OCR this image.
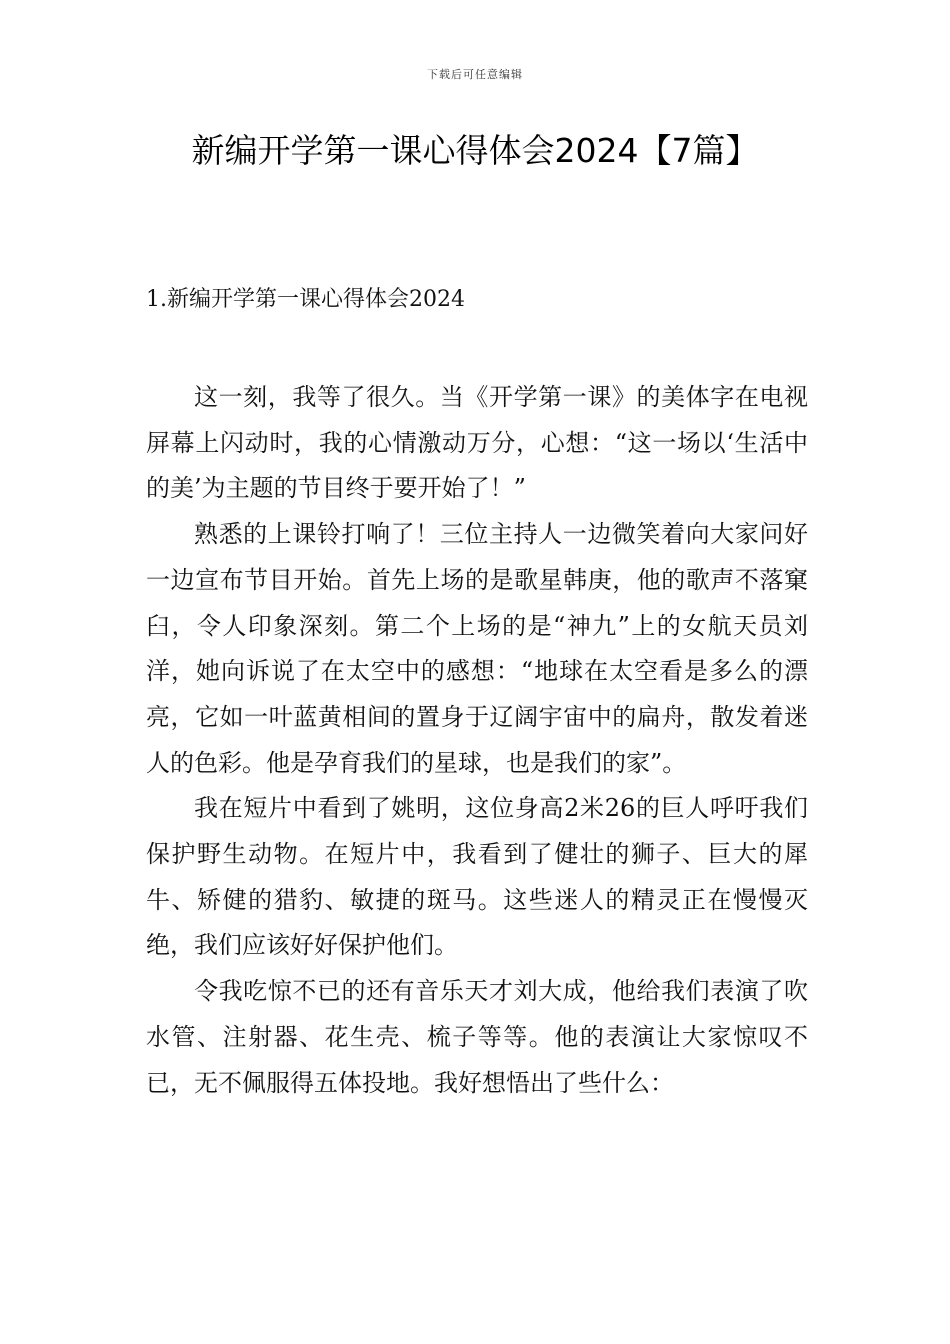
下载后可任意编辑
新编开学第一课心得体会2024【7篇】
1.新编开学第一课心得体会2024

这一刻，我等了很久。当《开学第一课》的美体字在电视屏幕上闪动时，我的心情激动万分，心想：“这一场以‘生活中的美’为主题的节目终于要开始了！”

熟悉的上课铃打响了！三位主持人一边微笑着向大家问好一边宣布节目开始。首先上场的是歌星韩庚，他的歌声不落窠臼，令人印象深刻。第二个上场的是“神九”上的女航天员刘洋，她向诉说了在太空中的感想：“地球在太空看是多么的漂亮，它如一叶蓝黄相间的置身于辽阔宇宙中的扁舟，散发着迷人的色彩。他是孕育我们的星球，也是我们的家”。

我在短片中看到了姚明，这位身高2米26的巨人呼吁我们保护野生动物。在短片中，我看到了健壮的狮子、巨大的犀牛、矫健的猎豹、敏捷的斑马。这些迷人的精灵正在慢慢灭绝，我们应该好好保护他们。

令我吃惊不已的还有音乐天才刘大成，他给我们表演了吹水管、注射器、花生壳、梳子等等。他的表演让大家惊叹不已，无不佩服得五体投地。我好想悟出了些什么：
